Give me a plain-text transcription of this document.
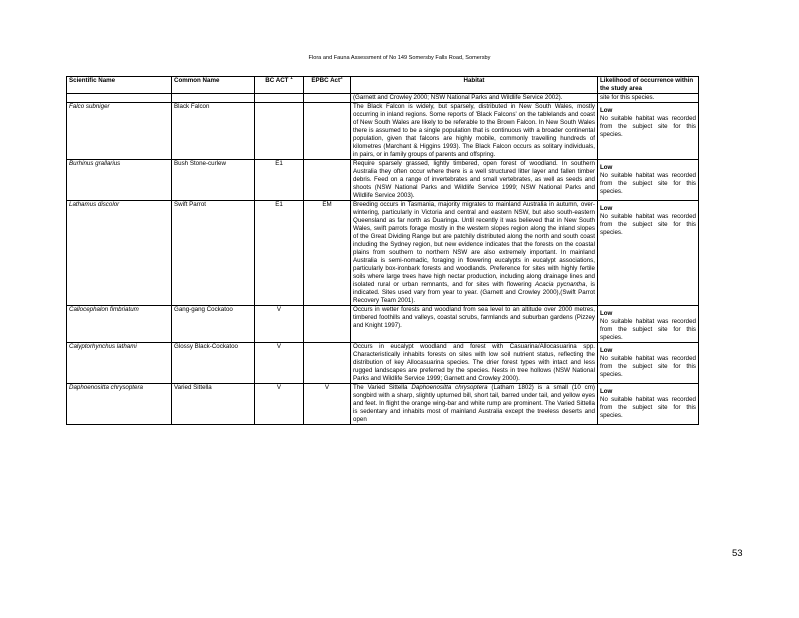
Flora and Fauna Assessment of No 149 Somersby Falls Road, Somersby
Scientific Name	Common Name	BC ACT $^1$	EPBC Act$^2$	Habitat	Likelihood of occurrence within the study area
				(Garnett and Crowley 2000; NSW National Parks and Wildlife Service 2002).	site for this species.

Falco subniger	Black Falcon			The Black Falcon is widely, but sparsely, distributed in New South Wales, mostly occurring in inland regions. Some reports of 'Black Falcons' on the tablelands and coast of New South Wales are likely to be referable to the Brown Falcon. In New South Wales there is assumed to be a single population that is continuous with a broader continental population, given that falcons are highly mobile, commonly travelling hundreds of kilometres (Marchant & Higgins 1993). The Black Falcon occurs as solitary individuals, in pairs, or in family groups of parents and offspring.	Low
No suitable habitat was recorded from the subject site for this species.

Burhinus grallarius	Bush Stone-curlew	E1		Require sparsely grassed, lightly timbered, open forest of woodland. In southern Australia they often occur where there is a well structured litter layer and fallen timber debris. Feed on a range of invertebrates and small vertebrates, as well as seeds and shoots (NSW National Parks and Wildlife Service 1999; NSW National Parks and Wildlife Service 2003).	Low
No suitable habitat was recorded from the subject site for this species.

Lathamus discolor	Swift Parrot	E1	EM	Breeding occurs in Tasmania, majority migrates to mainland Australia in autumn, over-wintering, particularly in Victoria and central and eastern NSW, but also south-eastern Queensland as far north as Duaringa. Until recently it was believed that in New South Wales, swift parrots forage mostly in the western slopes region along the inland slopes of the Great Dividing Range but are patchily distributed along the north and south coast including the Sydney region, but new evidence indicates that the forests on the coastal plains from southern to northern NSW are also extremely important. In mainland Australia is semi-nomadic, foraging in flowering eucalypts in eucalypt associations, particularly box-ironbark forests and woodlands. Preference for sites with highly fertile soils where large trees have high nectar production, including along drainage lines and isolated rural or urban remnants, and for sites with flowering Acacia pycnantha, is indicated. Sites used vary from year to year. (Garnett and Crowley 2000),(Swift Parrot Recovery Team 2001).	Low
No suitable habitat was recorded from the subject site for this species.

Callocephalon fimbriatum	Gang-gang Cockatoo	V		Occurs in wetter forests and woodland from sea level to an altitude over 2000 metres, timbered foothills and valleys, coastal scrubs, farmlands and suburban gardens (Pizzey and Knight 1997).	Low
No suitable habitat was recorded from the subject site for this species.

Calyptorhynchus lathami	Glossy Black-Cockatoo	V		Occurs in eucalypt woodland and forest with Casuarina/Allocasuarina spp. Characteristically inhabits forests on sites with low soil nutrient status, reflecting the distribution of key Allocasuarina species. The drier forest types with intact and less rugged landscapes are preferred by the species. Nests in tree hollows (NSW National Parks and Wildlife Service 1999; Garnett and Crowley 2000).	Low
No suitable habitat was recorded from the subject site for this species.

Daphoenositta chrysoptera	Varied Sittella	V	V	The Varied Sittella Daphoenositta chrysoptera (Latham 1802) is a small (10 cm) songbird with a sharp, slightly upturned bill, short tail, barred under tail, and yellow eyes and feet. In flight the orange wing-bar and white rump are prominent. The Varied Sittella is sedentary and inhabits most of mainland Australia except the treeless deserts and open	Low
No suitable habitat was recorded from the subject site for this species.
53
